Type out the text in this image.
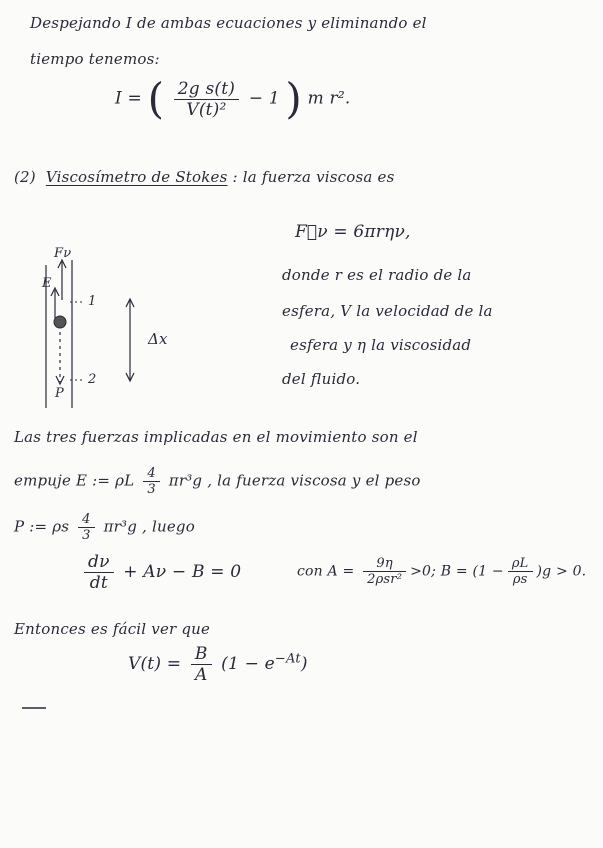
Despejando I de ambas ecuaciones y eliminando el
tiempo tenemos:
I = ( $\frac{\text{2g s(t)}}{\text{V(t)²}} - 1$ ) m r².
(2) Viscosímetro de Stokes : la fuerza viscosa es
F⃗ν = 6πrην,
Fν
E
P
1
2
Δx
donde r es el radio de la
esfera, V la velocidad de la
esfera y η la viscosidad
del fluido.
Las tres fuerzas implicadas en el movimiento son el
empuje E := ρL $\frac{4}{3} \pi r^3g$ , la fuerza viscosa y el peso
P := ρs $\frac{4}{3} \pi r^3g$ , luego
$\frac{d\nu}{dt} + A\nu - B = 0$	con $A = \frac{9\eta}{\text{2ρsr²}} >0$; $B = (1 - \frac{\rho L}{\rho s} )g > 0$.
Entonces es fácil ver que
$V(t) = \frac{B}{A} (1 - e^{-At})$
